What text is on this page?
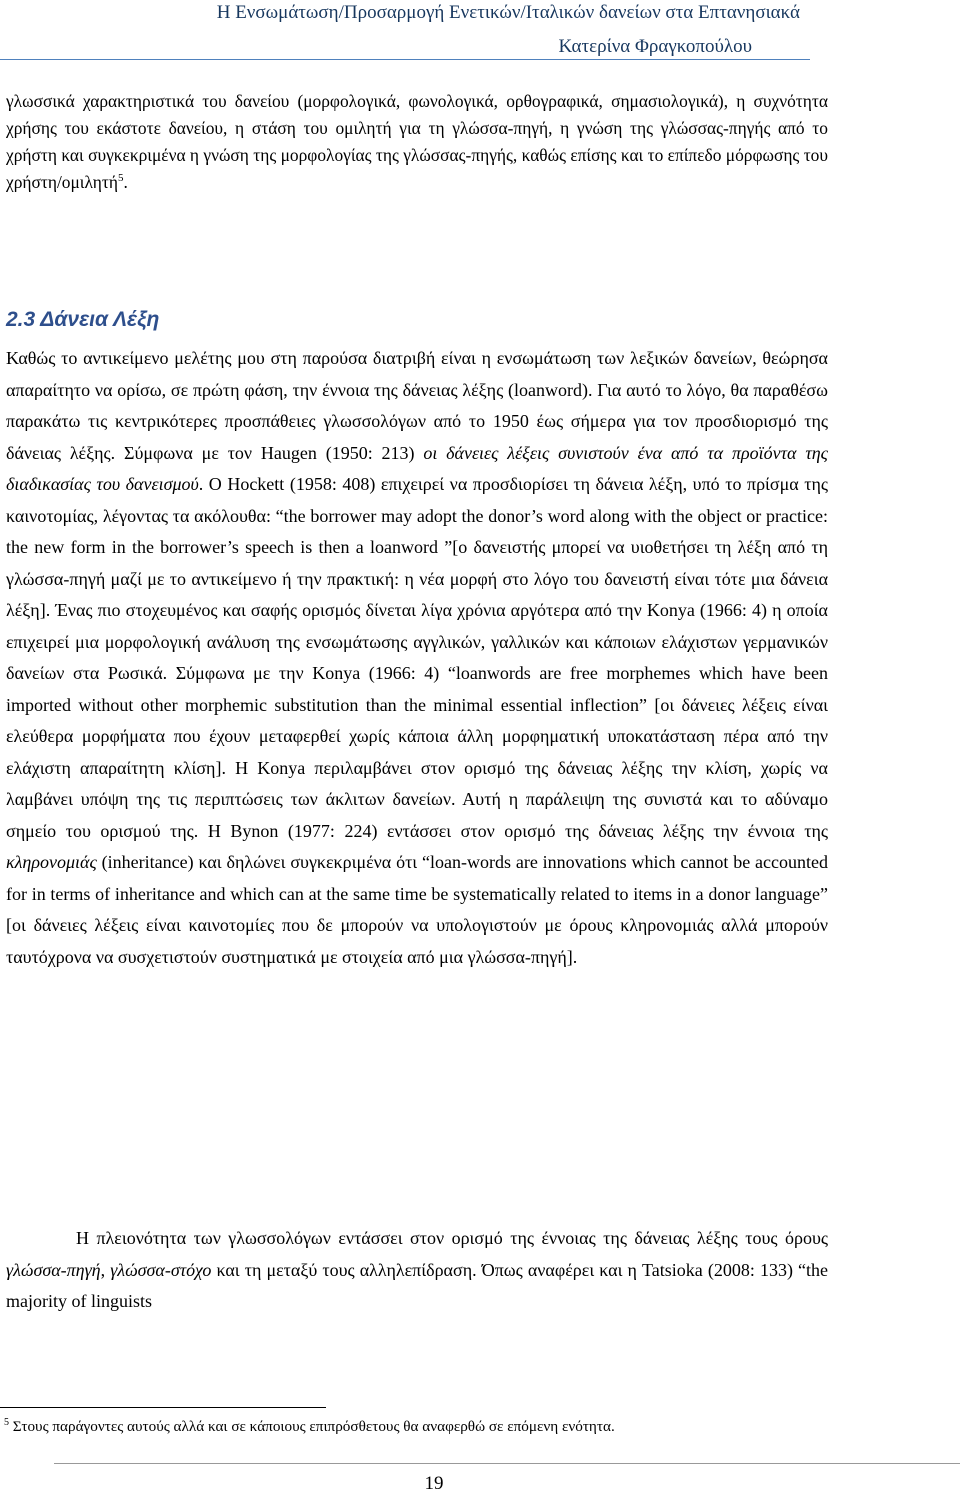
Η Ενσωμάτωση/Προσαρμογή Ενετικών/Ιταλικών δανείων στα Επτανησιακά
Κατερίνα Φραγκοπούλου
γλωσσικά χαρακτηριστικά του δανείου (μορφολογικά, φωνολογικά, ορθογραφικά, σημασιολογικά), η συχνότητα χρήσης του εκάστοτε δανείου, η στάση του ομιλητή για τη γλώσσα-πηγή, η γνώση της γλώσσας-πηγής από το χρήστη και συγκεκριμένα η γνώση της μορφολογίας της γλώσσας-πηγής, καθώς επίσης και το επίπεδο μόρφωσης του χρήστη/ομιλητή$^5$.
2.3 Δάνεια Λέξη
Καθώς το αντικείμενο μελέτης μου στη παρούσα διατριβή είναι η ενσωμάτωση των λεξικών δανείων, θεώρησα απαραίτητο να ορίσω, σε πρώτη φάση, την έννοια της δάνειας λέξης (loanword). Για αυτό το λόγο, θα παραθέσω παρακάτω τις κεντρικότερες προσπάθειες γλωσσολόγων από το 1950 έως σήμερα για τον προσδιορισμό της δάνειας λέξης. Σύμφωνα με τον Haugen (1950: 213) οι δάνειες λέξεις συνιστούν ένα από τα προϊόντα της διαδικασίας του δανεισμού. Ο Hockett (1958: 408) επιχειρεί να προσδιορίσει τη δάνεια λέξη, υπό το πρίσμα της καινοτομίας, λέγοντας τα ακόλουθα: “the borrower may adopt the donor’s word along with the object or practice: the new form in the borrower’s speech is then a loanword ”[ο δανειστής μπορεί να υιοθετήσει τη λέξη από τη γλώσσα-πηγή μαζί με το αντικείμενο ή την πρακτική: η νέα μορφή στο λόγο του δανειστή είναι τότε μια δάνεια λέξη]. Ένας πιο στοχευμένος και σαφής ορισμός δίνεται λίγα χρόνια αργότερα από την Konya (1966: 4) η οποία επιχειρεί μια μορφολογική ανάλυση της ενσωμάτωσης αγγλικών, γαλλικών και κάποιων ελάχιστων γερμανικών δανείων στα Ρωσικά. Σύμφωνα με την Konya (1966: 4) “loanwords are free morphemes which have been imported without other morphemic substitution than the minimal essential inflection” [οι δάνειες λέξεις είναι ελεύθερα μορφήματα που έχουν μεταφερθεί χωρίς κάποια άλλη μορφηματική υποκατάσταση πέρα από την ελάχιστη απαραίτητη κλίση]. Η Konya περιλαμβάνει στον ορισμό της δάνειας λέξης την κλίση, χωρίς να λαμβάνει υπόψη της τις περιπτώσεις των άκλιτων δανείων. Αυτή η παράλειψη της συνιστά και το αδύναμο σημείο του ορισμού της. Η Bynon (1977: 224) εντάσσει στον ορισμό της δάνειας λέξης την έννοια της κληρονομιάς (inheritance) και δηλώνει συγκεκριμένα ότι “loan-words are innovations which cannot be accounted for in terms of inheritance and which can at the same time be systematically related to items in a donor language” [οι δάνειες λέξεις είναι καινοτομίες που δε μπορούν να υπολογιστούν με όρους κληρονομιάς αλλά μπορούν ταυτόχρονα να συσχετιστούν συστηματικά με στοιχεία από μια γλώσσα-πηγή].
Η πλειονότητα των γλωσσολόγων εντάσσει στον ορισμό της έννοιας της δάνειας λέξης τους όρους γλώσσα-πηγή, γλώσσα-στόχο και τη μεταξύ τους αλληλεπίδραση. Όπως αναφέρει και η Tatsioka (2008: 133) “the majority of linguists
$^5$ Στους παράγοντες αυτούς αλλά και σε κάποιους επιπρόσθετους θα αναφερθώ σε επόμενη ενότητα.
19
